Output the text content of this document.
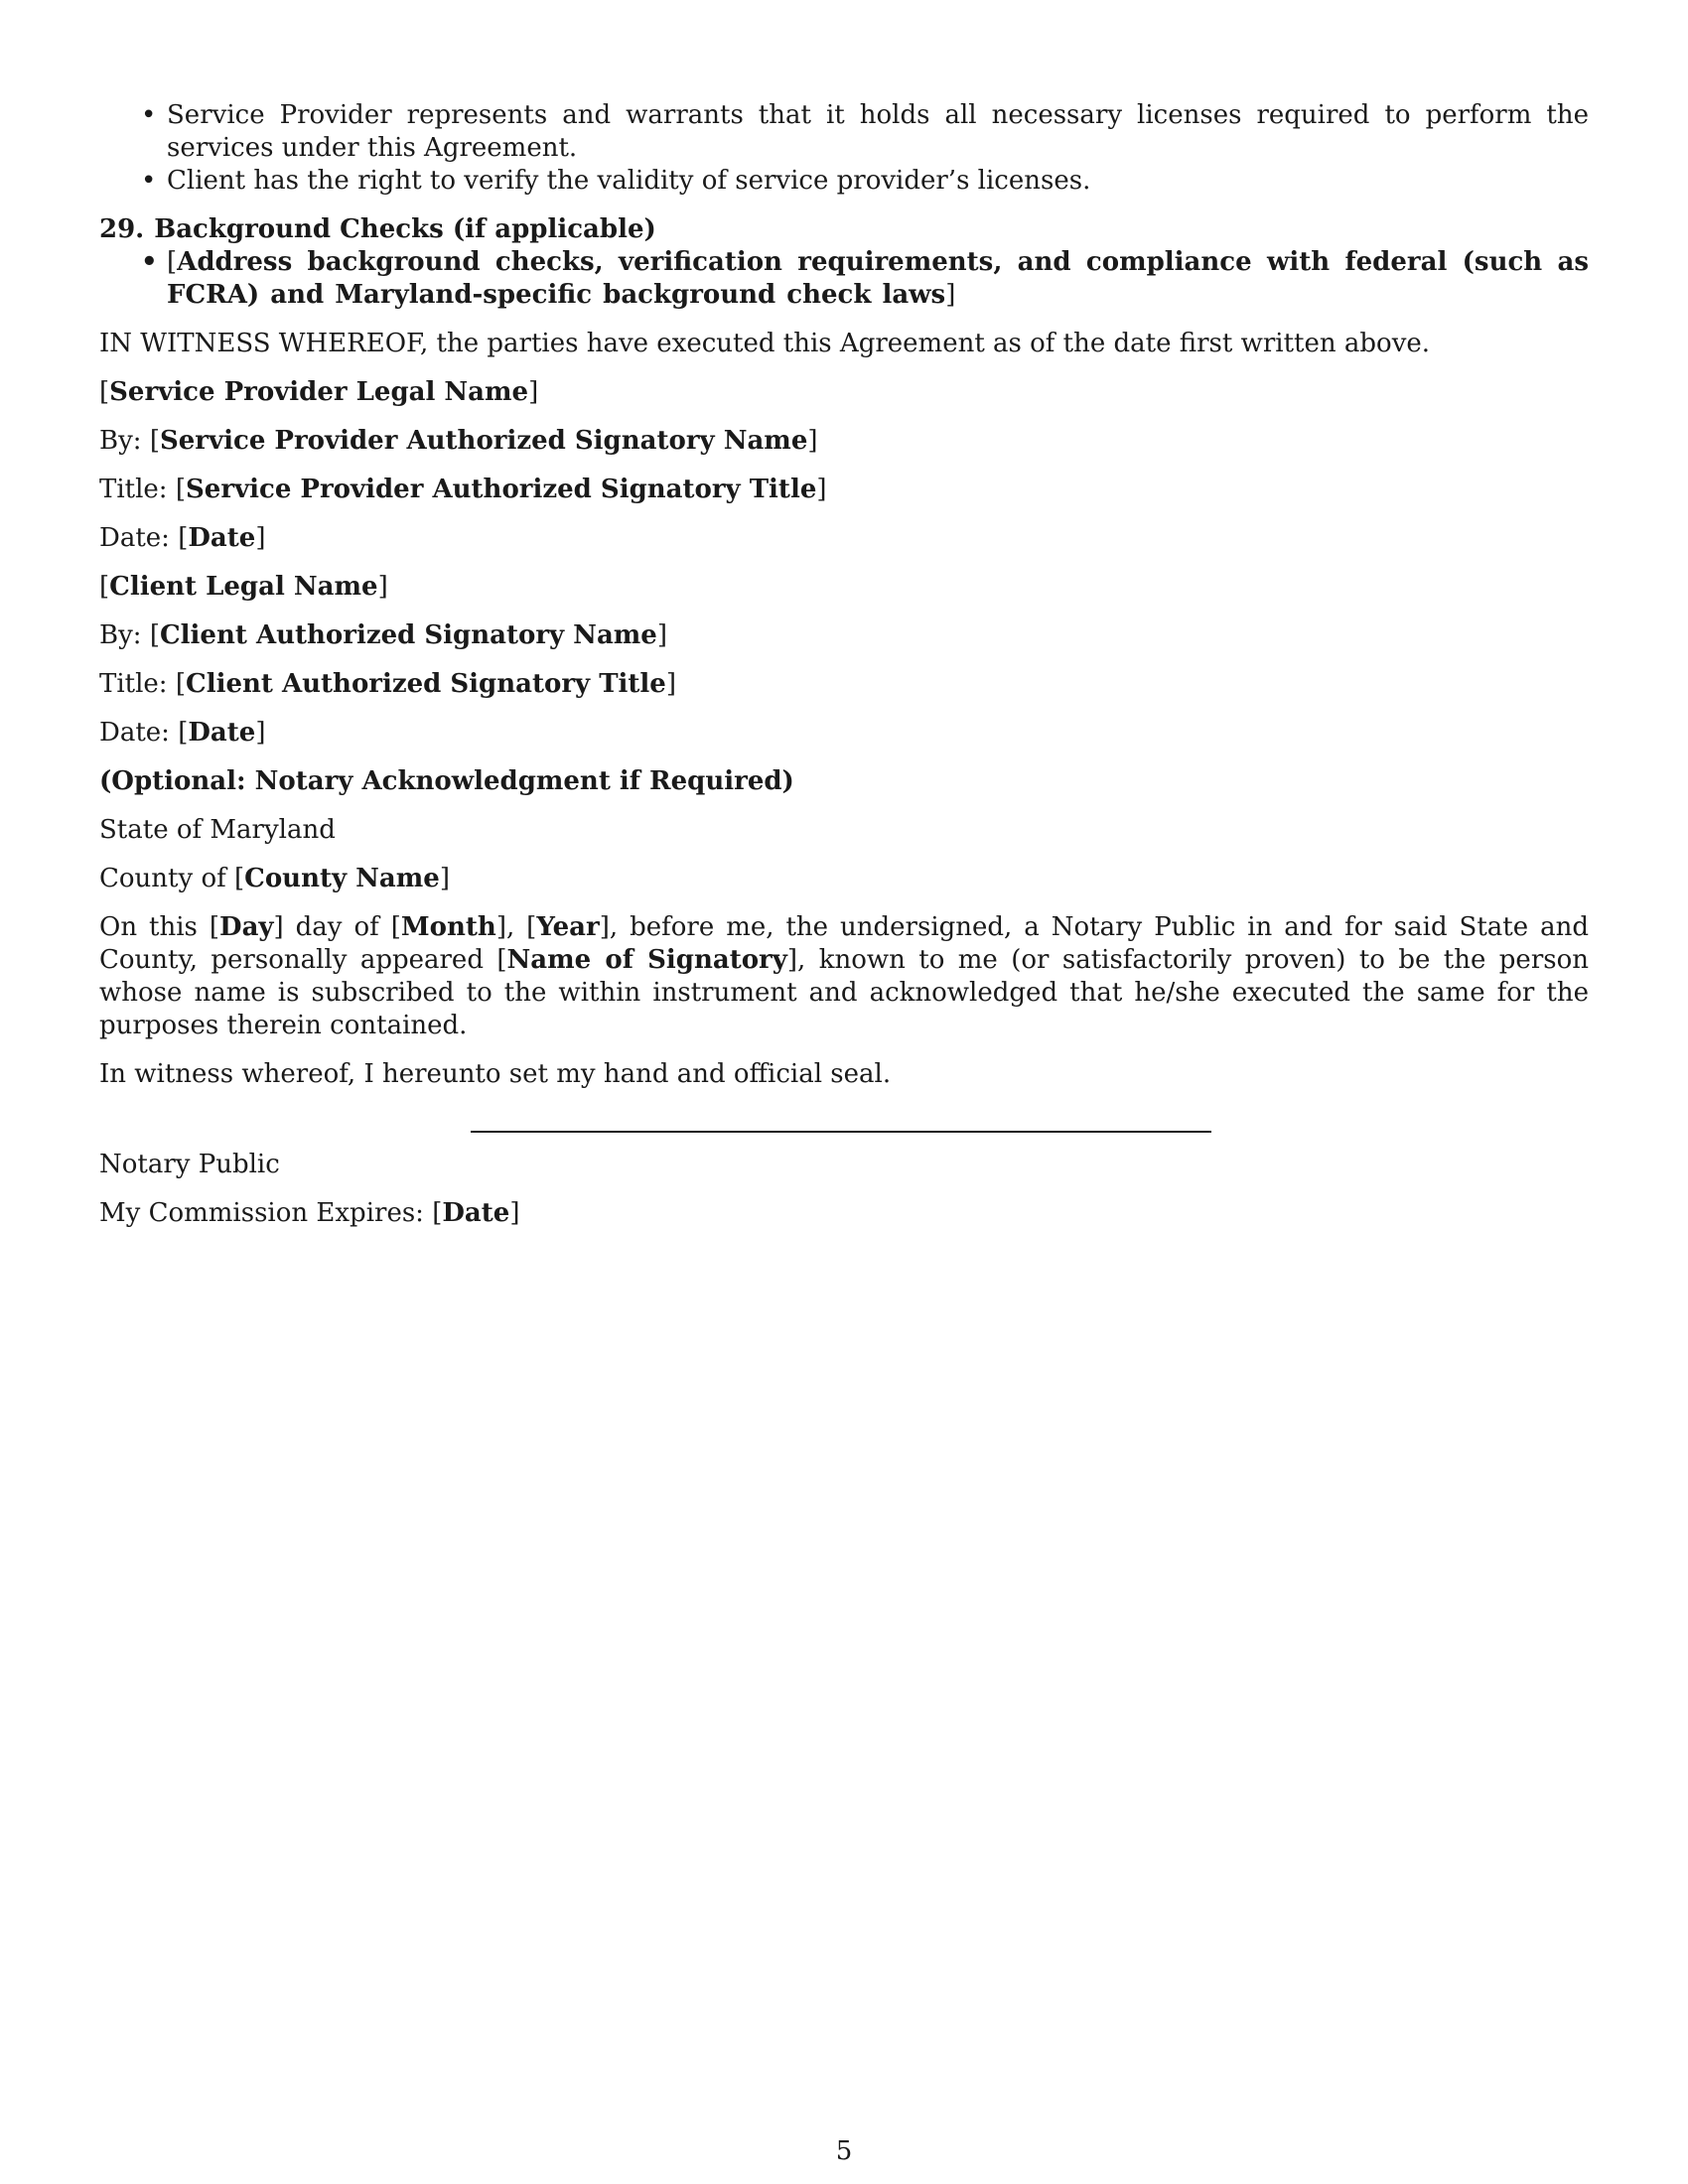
• Service Provider represents and warrants that it holds all necessary licenses required to perform the services under this Agreement.
• Client has the right to verify the validity of service provider’s licenses.
29. Background Checks (if applicable)
• [Address background checks, verification requirements, and compliance with federal (such as FCRA) and Maryland-specific background check laws]

IN WITNESS WHEREOF, the parties have executed this Agreement as of the date first written above.

[Service Provider Legal Name]

By: [Service Provider Authorized Signatory Name]

Title: [Service Provider Authorized Signatory Title]

Date: [Date]

[Client Legal Name]

By: [Client Authorized Signatory Name]

Title: [Client Authorized Signatory Title]

Date: [Date]

(Optional: Notary Acknowledgment if Required)

State of Maryland

County of [County Name]

On this [Day] day of [Month], [Year], before me, the undersigned, a Notary Public in and for said State and County, personally appeared [Name of Signatory], known to me (or satisfactorily proven) to be the person whose name is subscribed to the within instrument and acknowledged that he/she executed the same for the purposes therein contained.

In witness whereof, I hereunto set my hand and official seal.

Notary Public

My Commission Expires: [Date]

5
